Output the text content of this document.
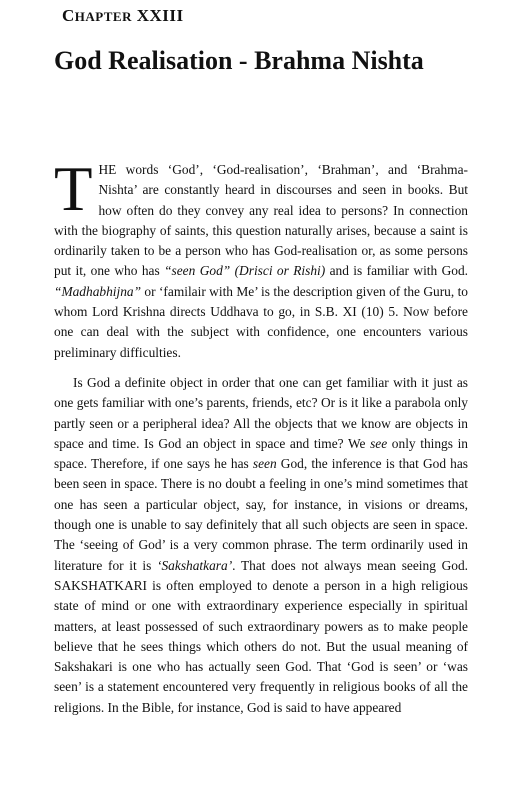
CHAPTER XXIII
God Realisation - Brahma Nishta

THE words ‘God’, ‘God-realisation’, ‘Brahman’, and ‘Brahma-Nishta’ are constantly heard in discourses and seen in books. But how often do they convey any real idea to persons? In connection with the biography of saints, this question naturally arises, because a saint is ordinarily taken to be a person who has God-realisation or, as some persons put it, one who has “seen God” (Drisci or Rishi) and is familiar with God. “Madhabhijna” or ‘familair with Me’ is the description given of the Guru, to whom Lord Krishna directs Uddhava to go, in S.B. XI (10) 5. Now before one can deal with the subject with confidence, one encounters various preliminary difficulties.

Is God a definite object in order that one can get familiar with it just as one gets familiar with one’s parents, friends, etc? Or is it like a parabola only partly seen or a peripheral idea? All the objects that we know are objects in space and time. Is God an object in space and time? We see only things in space. Therefore, if one says he has seen God, the inference is that God has been seen in space. There is no doubt a feeling in one’s mind sometimes that one has seen a particular object, say, for instance, in visions or dreams, though one is unable to say definitely that all such objects are seen in space. The ‘seeing of God’ is a very common phrase. The term ordinarily used in literature for it is ‘Sakshatkara’. That does not always mean seeing God. SAKSHATKARI is often employed to denote a person in a high religious state of mind or one with extraordinary experience especially in spiritual matters, at least possessed of such extraordinary powers as to make people believe that he sees things which others do not. But the usual meaning of Sakshakari is one who has actually seen God. That ‘God is seen’ or ‘was seen’ is a statement encountered very frequently in religious books of all the religions. In the Bible, for instance, God is said to have appeared
